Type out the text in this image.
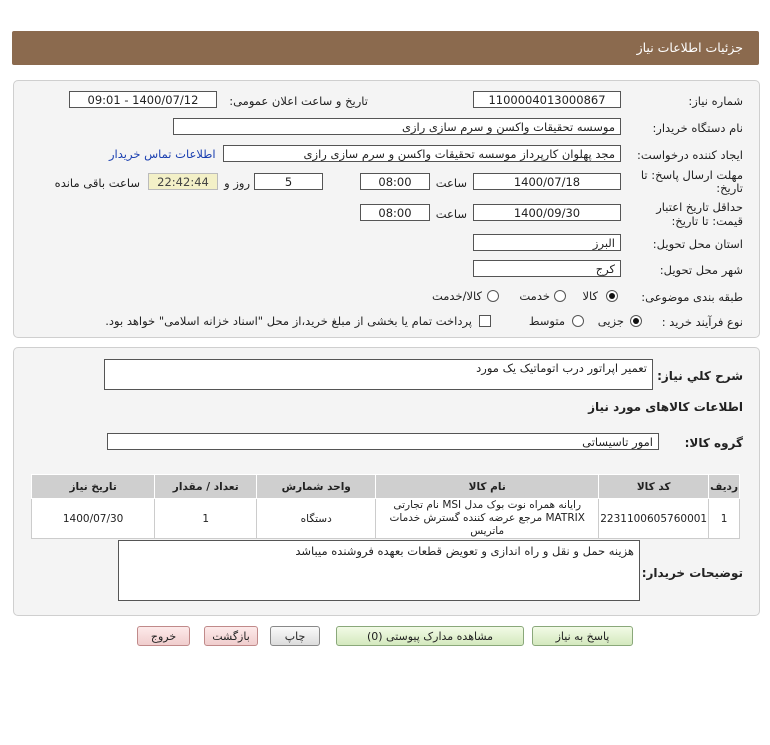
جزئیات اطلاعات نیاز
شماره نیاز:
1100004013000867
تاریخ و ساعت اعلان عمومی:
1400/07/12 - 09:01
نام دستگاه خریدار:
موسسه تحقیقات واکسن و سرم سازی رازی
ایجاد کننده درخواست:
مجد پهلوان کارپرداز موسسه تحقیقات واکسن و سرم سازی رازی
اطلاعات تماس خریدار
مهلت ارسال پاسخ: تا
تاریخ:
1400/07/18
ساعت
08:00
5
روز و
22:42:44
ساعت باقی مانده
حداقل تاریخ اعتبار
قیمت: تا تاریخ:
1400/09/30
ساعت
08:00
استان محل تحویل:
البرز
شهر محل تحویل:
کرج
طبقه بندی موضوعی:
کالا
خدمت
کالا/خدمت
نوع فرآیند خرید :
جزیی
متوسط
پرداخت تمام یا بخشی از مبلغ خرید،از محل "اسناد خزانه اسلامی" خواهد بود.
شرح كلي نياز:
تعمیر اپراتور درب اتوماتیک یک مورد
اطلاعات کالاهای مورد نیاز
گروه کالا:
امور تاسیساتی
ردیف	کد کالا	نام کالا	واحد شمارش	تعداد / مقدار	تاریخ نیاز
1	2231100605760001	رایانه همراه نوت بوک مدل MSI نام تجارتی MATRIX مرجع عرضه کننده گسترش خدمات ماتریس	دستگاه	1	1400/07/30
توضیحات خریدار:
هزینه حمل و نقل و راه اندازی و تعویض قطعات بعهده فروشنده میباشد
پاسخ به نیاز
مشاهده مدارک پیوستی (0)
چاپ
بازگشت
خروج
